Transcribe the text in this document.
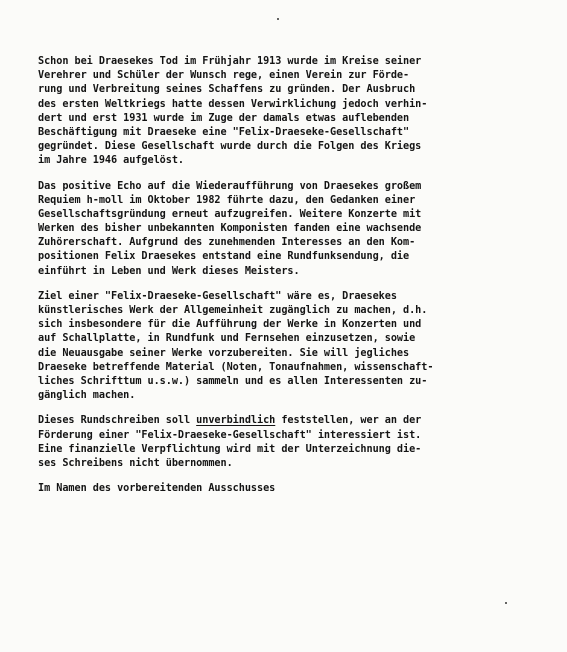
Schon bei Draesekes Tod im Frühjahr 1913 wurde im Kreise seiner
Verehrer und Schüler der Wunsch rege, einen Verein zur Förde-
rung und Verbreitung seines Schaffens zu gründen. Der Ausbruch
des ersten Weltkriegs hatte dessen Verwirklichung jedoch verhin-
dert und erst 1931 wurde im Zuge der damals etwas auflebenden
Beschäftigung mit Draeseke eine "Felix-Draeseke-Gesellschaft"
gegründet. Diese Gesellschaft wurde durch die Folgen des Kriegs
im Jahre 1946 aufgelöst.
Das positive Echo auf die Wiederaufführung von Draesekes großem
Requiem h-moll im Oktober 1982 führte dazu, den Gedanken einer
Gesellschaftsgründung erneut aufzugreifen. Weitere Konzerte mit
Werken des bisher unbekannten Komponisten fanden eine wachsende
Zuhörerschaft. Aufgrund des zunehmenden Interesses an den Kom-
positionen Felix Draesekes entstand eine Rundfunksendung, die
einführt in Leben und Werk dieses Meisters.
Ziel einer "Felix-Draeseke-Gesellschaft" wäre es, Draesekes
künstlerisches Werk der Allgemeinheit zugänglich zu machen, d.h.
sich insbesondere für die Aufführung der Werke in Konzerten und
auf Schallplatte, in Rundfunk und Fernsehen einzusetzen, sowie
die Neuausgabe seiner Werke vorzubereiten. Sie will jegliches
Draeseke betreffende Material (Noten, Tonaufnahmen, wissenschaft-
liches Schrifttum u.s.w.) sammeln und es allen Interessenten zu-
gänglich machen.
Dieses Rundschreiben soll unverbindlich feststellen, wer an der
Förderung einer "Felix-Draeseke-Gesellschaft" interessiert ist.
Eine finanzielle Verpflichtung wird mit der Unterzeichnung die-
ses Schreibens nicht übernommen.
Im Namen des vorbereitenden Ausschusses
